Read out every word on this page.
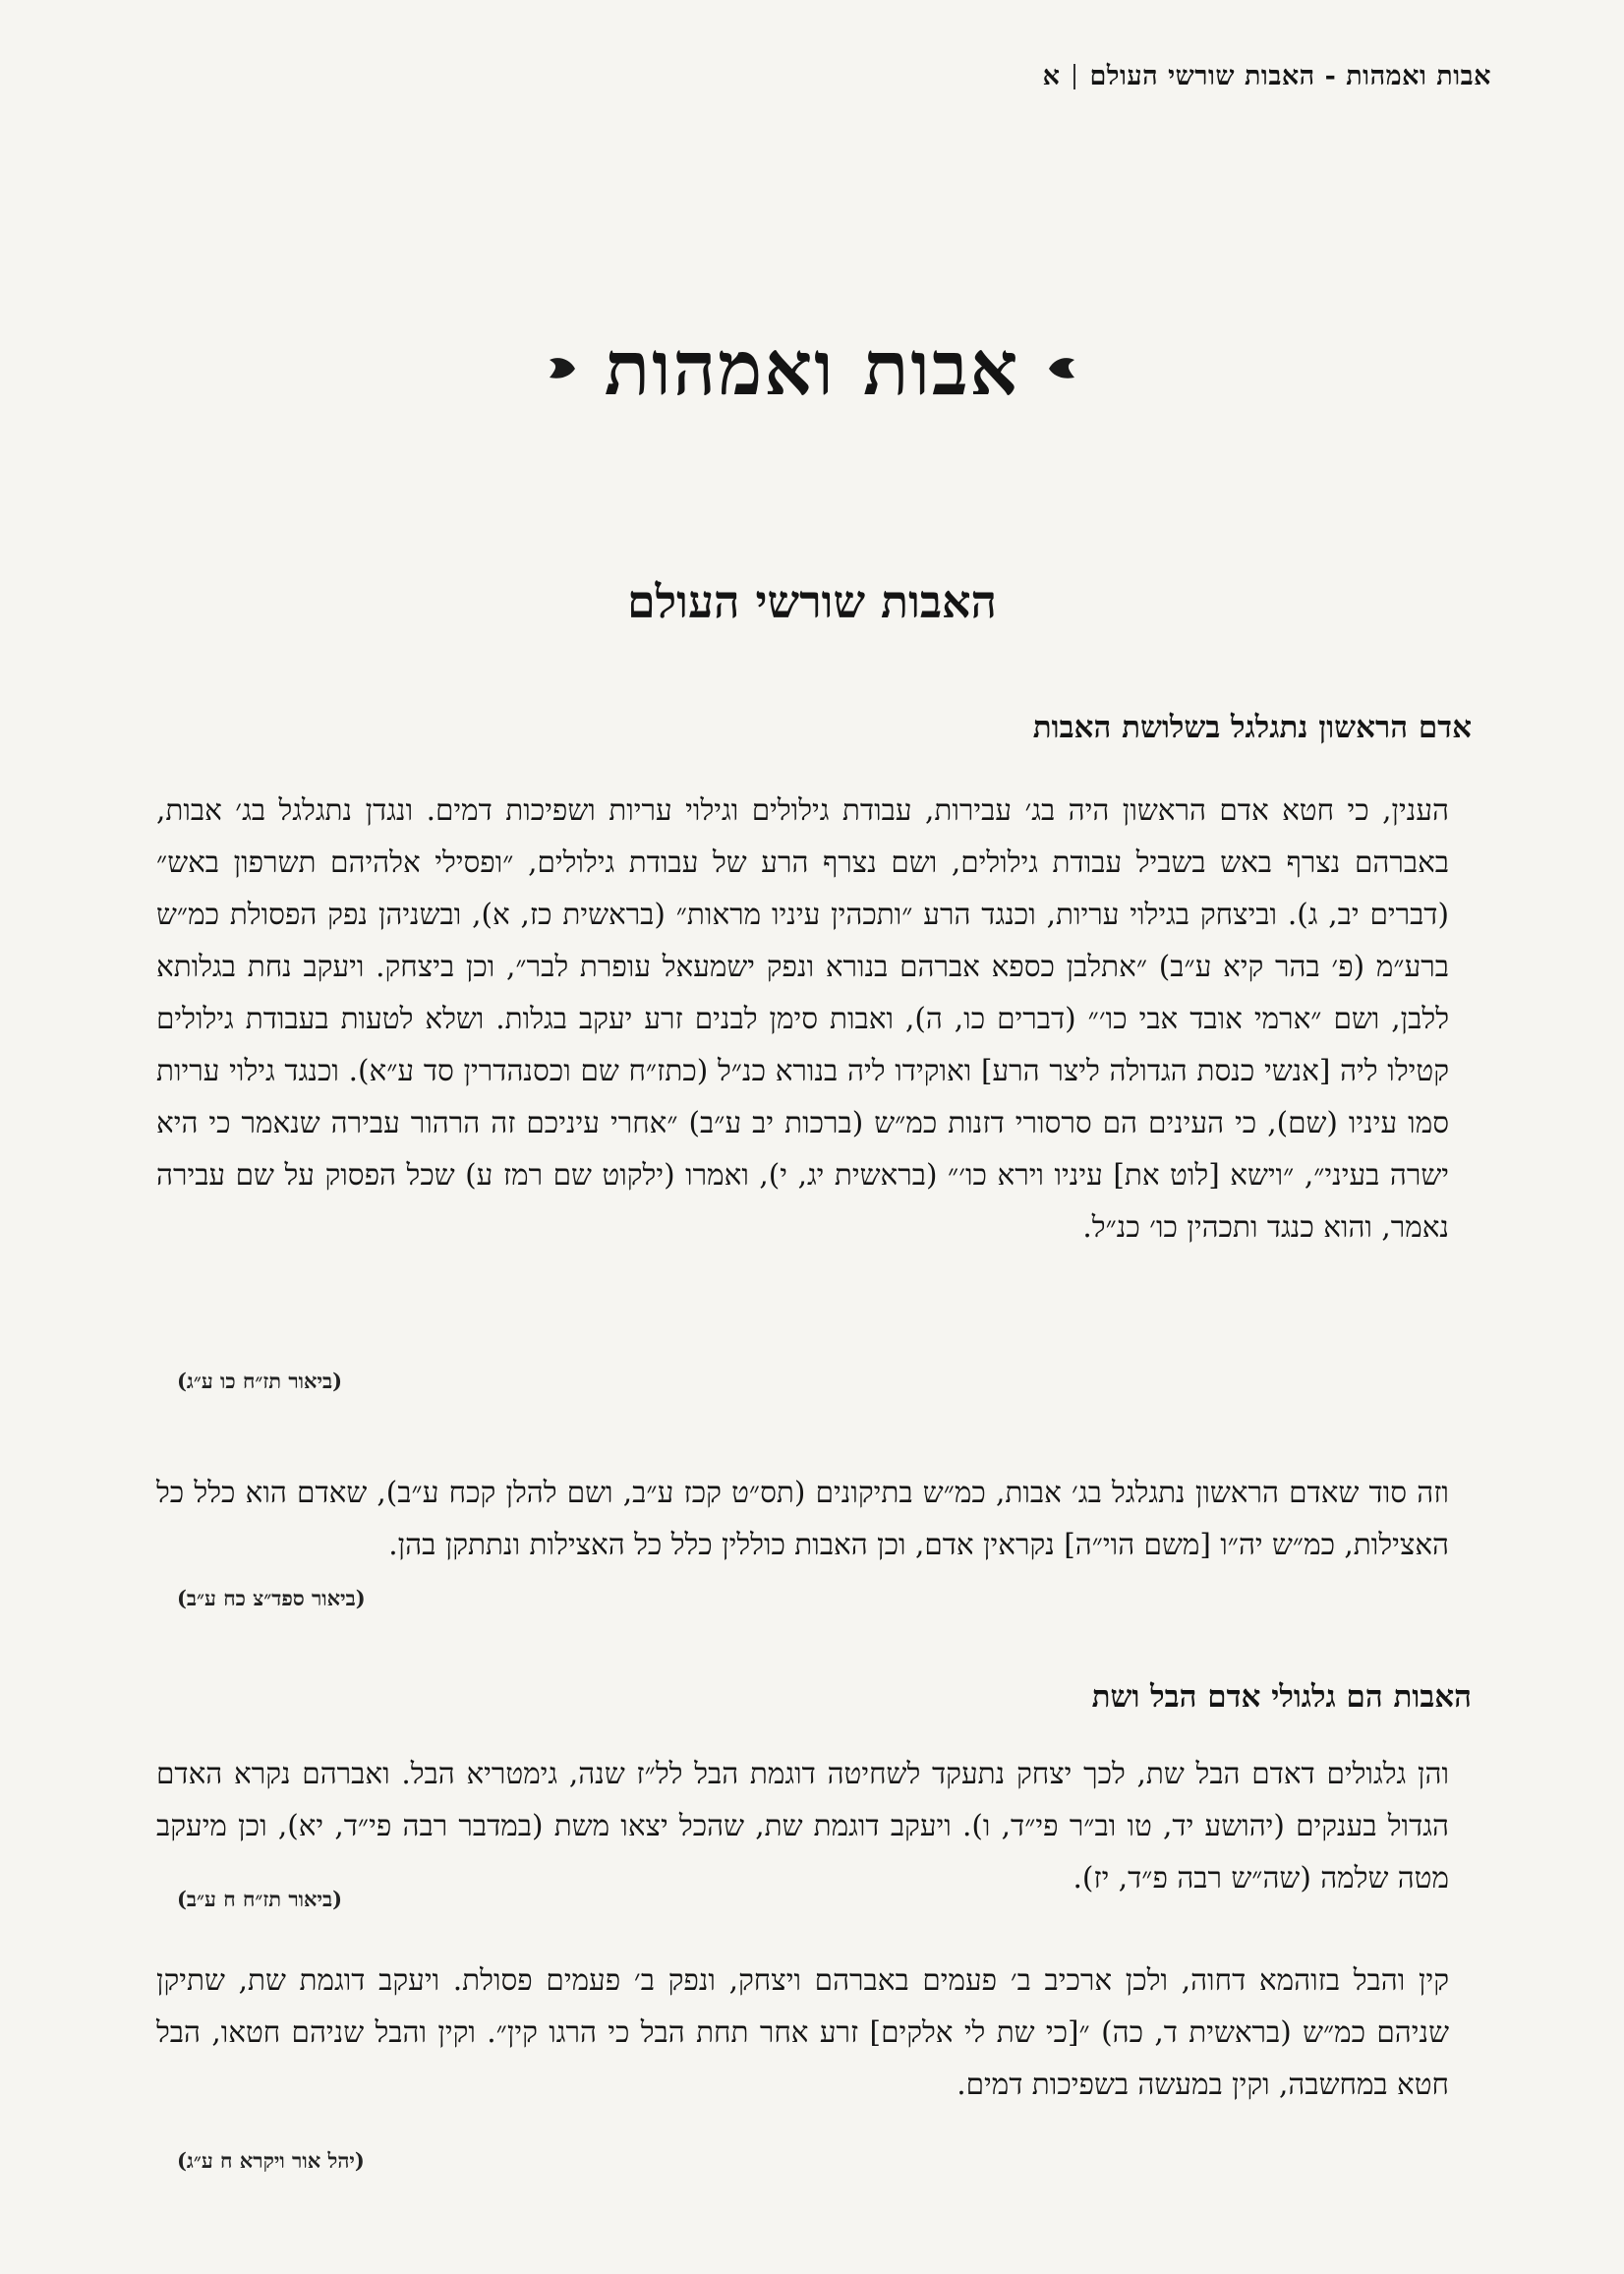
אבות ואמהות - האבות שורשי העולם
א
אבות ואמהות
האבות שורשי העולם
אדם הראשון נתגלגל בשלושת האבות
הענין, כי חטא אדם הראשון היה בג׳ עבירות, עבודת גילולים וגילוי עריות ושפיכות דמים. ונגדן נתגלגל בג׳ אבות, באברהם נצרף באש בשביל עבודת גילולים, ושם נצרף הרע של עבודת גילולים, ״ופסילי אלהיהם תשרפון באש״ (דברים יב, ג). וביצחק בגילוי עריות, וכנגד הרע ״ותכהין עיניו מראות״ (בראשית כז, א), ובשניהן נפק הפסולת כמ״ש ברע״מ (פ׳ בהר קיא ע״ב) ״אתלבן כספא אברהם בנורא ונפק ישמעאל עופרת לבר״, וכן ביצחק. ויעקב נחת בגלותא ללבן, ושם ״ארמי אובד אבי כו׳״ (דברים כו, ה), ואבות סימן לבנים זרע יעקב בגלות. ושלא לטעות בעבודת גילולים קטילו ליה [אנשי כנסת הגדולה ליצר הרע] ואוקידו ליה בנורא כנ״ל (כתז״ח שם וכסנהדרין סד ע״א). וכנגד גילוי עריות סמו עיניו (שם), כי העינים הם סרסורי דזנות כמ״ש (ברכות יב ע״ב) ״אחרי עיניכם זה הרהור עבירה שנאמר כי היא ישרה בעיני״, ״וישא [לוט את] עיניו וירא כו׳״ (בראשית יג, י), ואמרו (ילקוט שם רמז ע) שכל הפסוק על שם עבירה נאמר, והוא כנגד ותכהין כו׳ כנ״ל.
(ביאור תז״ח כו ע״ג)
וזה סוד שאדם הראשון נתגלגל בג׳ אבות, כמ״ש בתיקונים (תס״ט קכז ע״ב, ושם להלן קכח ע״ב), שאדם הוא כלל כל האצילות, כמ״ש יה״ו [משם הוי״ה] נקראין אדם, וכן האבות כוללין כלל כל האצילות ונתתקן בהן.
(ביאור ספד״צ כח ע״ב)
האבות הם גלגולי אדם הבל ושת
והן גלגולים דאדם הבל שת, לכך יצחק נתעקד לשחיטה דוגמת הבל לל״ז שנה, גימטריא הבל. ואברהם נקרא האדם הגדול בענקים (יהושע יד, טו וב״ר פי״ד, ו). ויעקב דוגמת שת, שהכל יצאו משת (במדבר רבה פי״ד, יא), וכן מיעקב מטה שלמה (שה״ש רבה פ״ד, יז).
(ביאור תז״ח ח ע״ב)
קין והבל בזוהמא דחוה, ולכן ארכיב ב׳ פעמים באברהם ויצחק, ונפק ב׳ פעמים פסולת. ויעקב דוגמת שת, שתיקן שניהם כמ״ש (בראשית ד, כה) ״[כי שת לי אלקים] זרע אחר תחת הבל כי הרגו קין״. וקין והבל שניהם חטאו, הבל חטא במחשבה, וקין במעשה בשפיכות דמים.
(יהל אור ויקרא ח ע״ג)
